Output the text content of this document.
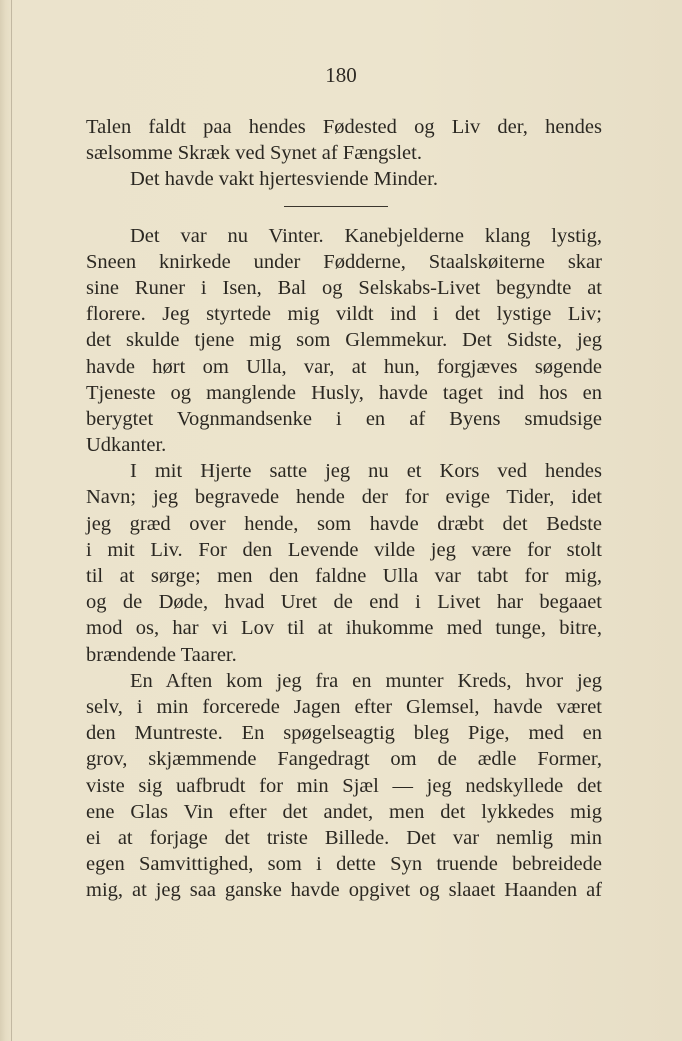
180
Talen faldt paa hendes Fødested og Liv der, hendes
sælsomme Skræk ved Synet af Fængslet.
Det havde vakt hjertesviende Minder.
Det var nu Vinter. Kanebjelderne klang lystig,
Sneen knirkede under Fødderne, Staalskøiterne skar
sine Runer i Isen, Bal og Selskabs-Livet begyndte at
florere. Jeg styrtede mig vildt ind i det lystige Liv;
det skulde tjene mig som Glemmekur. Det Sidste, jeg
havde hørt om Ulla, var, at hun, forgjæves søgende
Tjeneste og manglende Husly, havde taget ind hos en
berygtet Vognmandsenke i en af Byens smudsige
Udkanter.
I mit Hjerte satte jeg nu et Kors ved hendes
Navn; jeg begravede hende der for evige Tider, idet
jeg græd over hende, som havde dræbt det Bedste
i mit Liv. For den Levende vilde jeg være for stolt
til at sørge; men den faldne Ulla var tabt for mig,
og de Døde, hvad Uret de end i Livet har begaaet
mod os, har vi Lov til at ihukomme med tunge, bitre,
brændende Taarer.
En Aften kom jeg fra en munter Kreds, hvor jeg
selv, i min forcerede Jagen efter Glemsel, havde været
den Muntreste. En spøgelseagtig bleg Pige, med en
grov, skjæmmende Fangedragt om de ædle Former,
viste sig uafbrudt for min Sjæl — jeg nedskyllede det
ene Glas Vin efter det andet, men det lykkedes mig
ei at forjage det triste Billede. Det var nemlig min
egen Samvittighed, som i dette Syn truende bebreidede
mig, at jeg saa ganske havde opgivet og slaaet Haanden af
